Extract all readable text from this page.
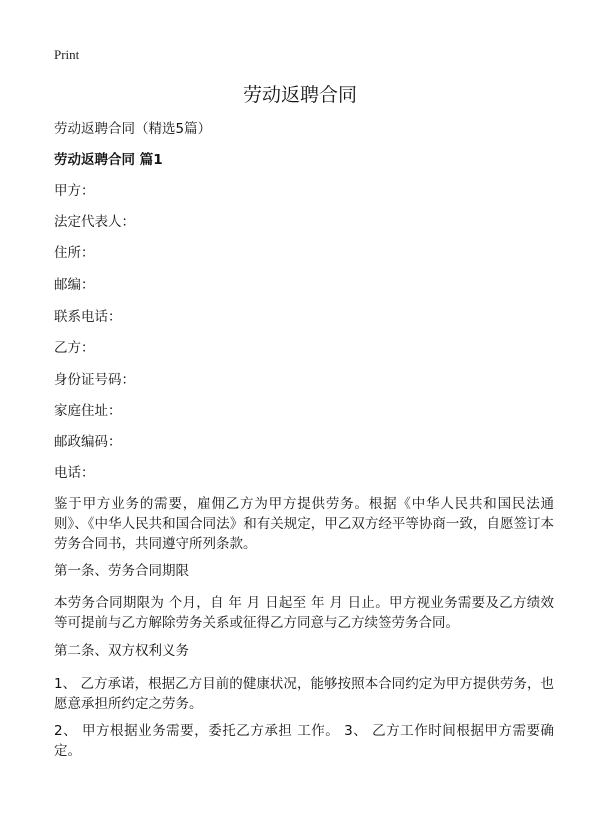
Print
劳动返聘合同
劳动返聘合同（精选5篇）
劳动返聘合同 篇1
甲方：
法定代表人：
住所：
邮编：
联系电话：
乙方：
身份证号码：
家庭住址：
邮政编码：
电话：
鉴于甲方业务的需要，雇佣乙方为甲方提供劳务。根据《中华人民共和国民法通则》、《中华人民共和国合同法》和有关规定，甲乙双方经平等协商一致，自愿签订本劳务合同书，共同遵守所列条款。
第一条、劳务合同期限
本劳务合同期限为 个月，自 年 月 日起至 年 月 日止。甲方视业务需要及乙方绩效等可提前与乙方解除劳务关系或征得乙方同意与乙方续签劳务合同。
第二条、双方权利义务
1、 乙方承诺，根据乙方目前的健康状况，能够按照本合同约定为甲方提供劳务，也愿意承担所约定之劳务。
2、 甲方根据业务需要，委托乙方承担 工作。 3、 乙方工作时间根据甲方需要确定。
